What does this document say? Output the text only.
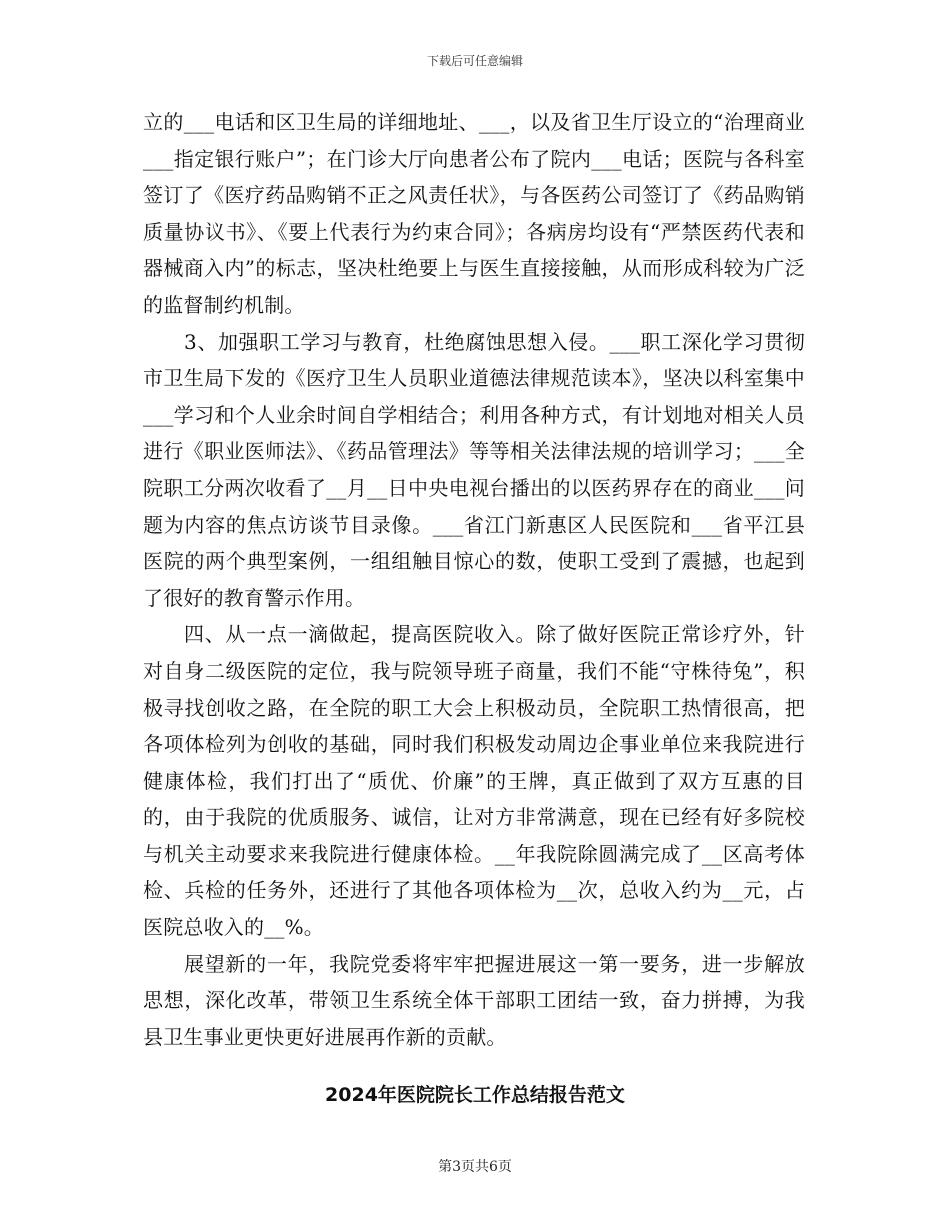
下载后可任意编辑

立的___电话和区卫生局的详细地址、___，以及省卫生厅设立的“治理商业___指定银行账户”；在门诊大厅向患者公布了院内___电话；医院与各科室签订了《医疗药品购销不正之风责任状》，与各医药公司签订了《药品购销质量协议书》、《要上代表行为约束合同》；各病房均设有“严禁医药代表和器械商入内”的标志，坚决杜绝要上与医生直接接触，从而形成科较为广泛的监督制约机制。

3、加强职工学习与教育，杜绝腐蚀思想入侵。___职工深化学习贯彻市卫生局下发的《医疗卫生人员职业道德法律规范读本》，坚决以科室集中___学习和个人业余时间自学相结合；利用各种方式，有计划地对相关人员进行《职业医师法》、《药品管理法》等等相关法律法规的培训学习；___全院职工分两次收看了__月__日中央电视台播出的以医药界存在的商业___问题为内容的焦点访谈节目录像。___省江门新惠区人民医院和___省平江县医院的两个典型案例，一组组触目惊心的数，使职工受到了震撼，也起到了很好的教育警示作用。

四、从一点一滴做起，提高医院收入。除了做好医院正常诊疗外，针对自身二级医院的定位，我与院领导班子商量，我们不能“守株待兔”，积极寻找创收之路，在全院的职工大会上积极动员，全院职工热情很高，把各项体检列为创收的基础，同时我们积极发动周边企事业单位来我院进行健康体检，我们打出了“质优、价廉”的王牌，真正做到了双方互惠的目的，由于我院的优质服务、诚信，让对方非常满意，现在已经有好多院校与机关主动要求来我院进行健康体检。__年我院除圆满完成了__区高考体检、兵检的任务外，还进行了其他各项体检为__次，总收入约为__元，占医院总收入的__%。

展望新的一年，我院党委将牢牢把握进展这一第一要务，进一步解放思想，深化改革，带领卫生系统全体干部职工团结一致，奋力拼搏，为我县卫生事业更快更好进展再作新的贡献。

2024年医院院长工作总结报告范文
第3页共6页
